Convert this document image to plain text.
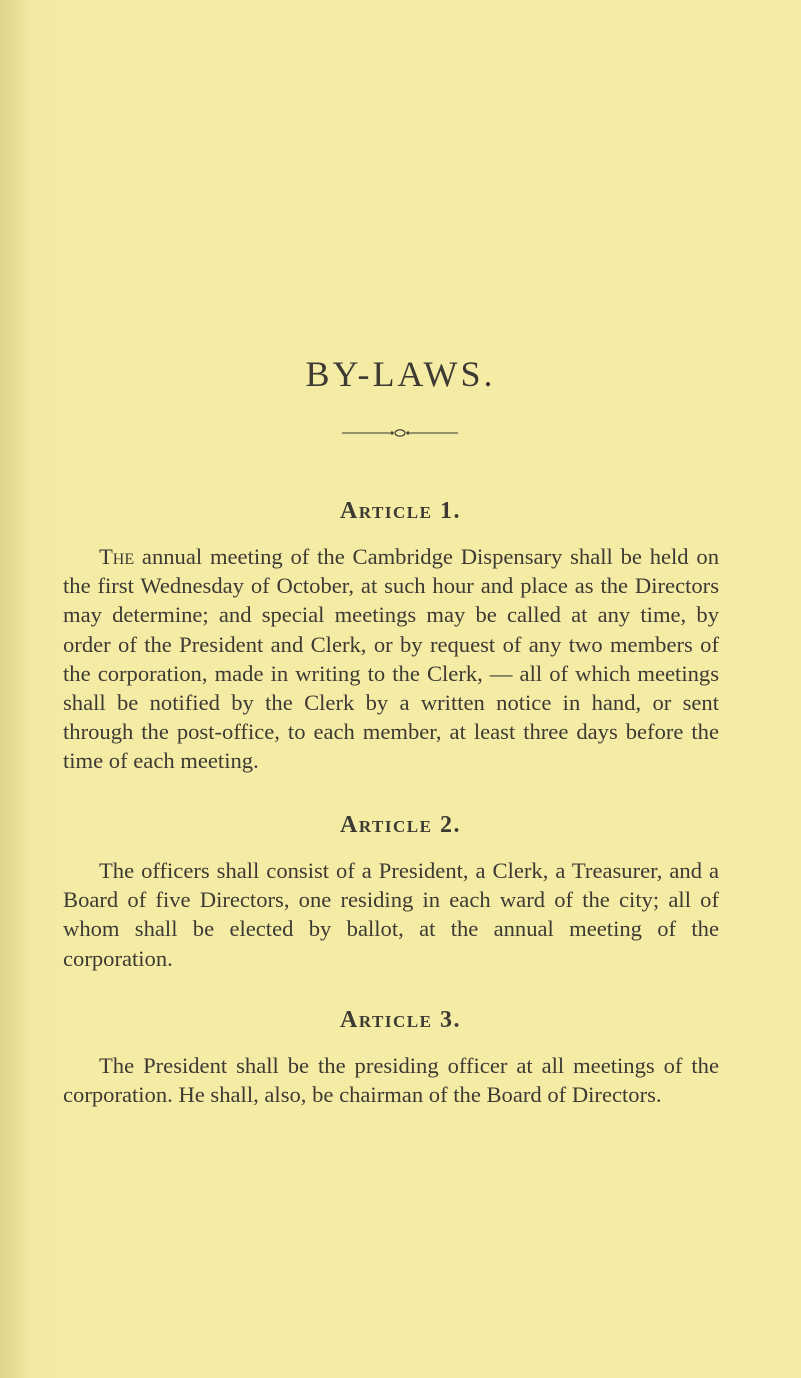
BY-LAWS.
Article 1.

The annual meeting of the Cambridge Dispensary shall be held on the first Wednesday of October, at such hour and place as the Directors may determine; and special meetings may be called at any time, by order of the President and Clerk, or by request of any two members of the corporation, made in writing to the Clerk, — all of which meetings shall be notified by the Clerk by a written notice in hand, or sent through the post-office, to each member, at least three days before the time of each meeting.

Article 2.

The officers shall consist of a President, a Clerk, a Treasurer, and a Board of five Directors, one residing in each ward of the city; all of whom shall be elected by ballot, at the annual meeting of the corporation.

Article 3.

The President shall be the presiding officer at all meetings of the corporation. He shall, also, be chairman of the Board of Directors.
